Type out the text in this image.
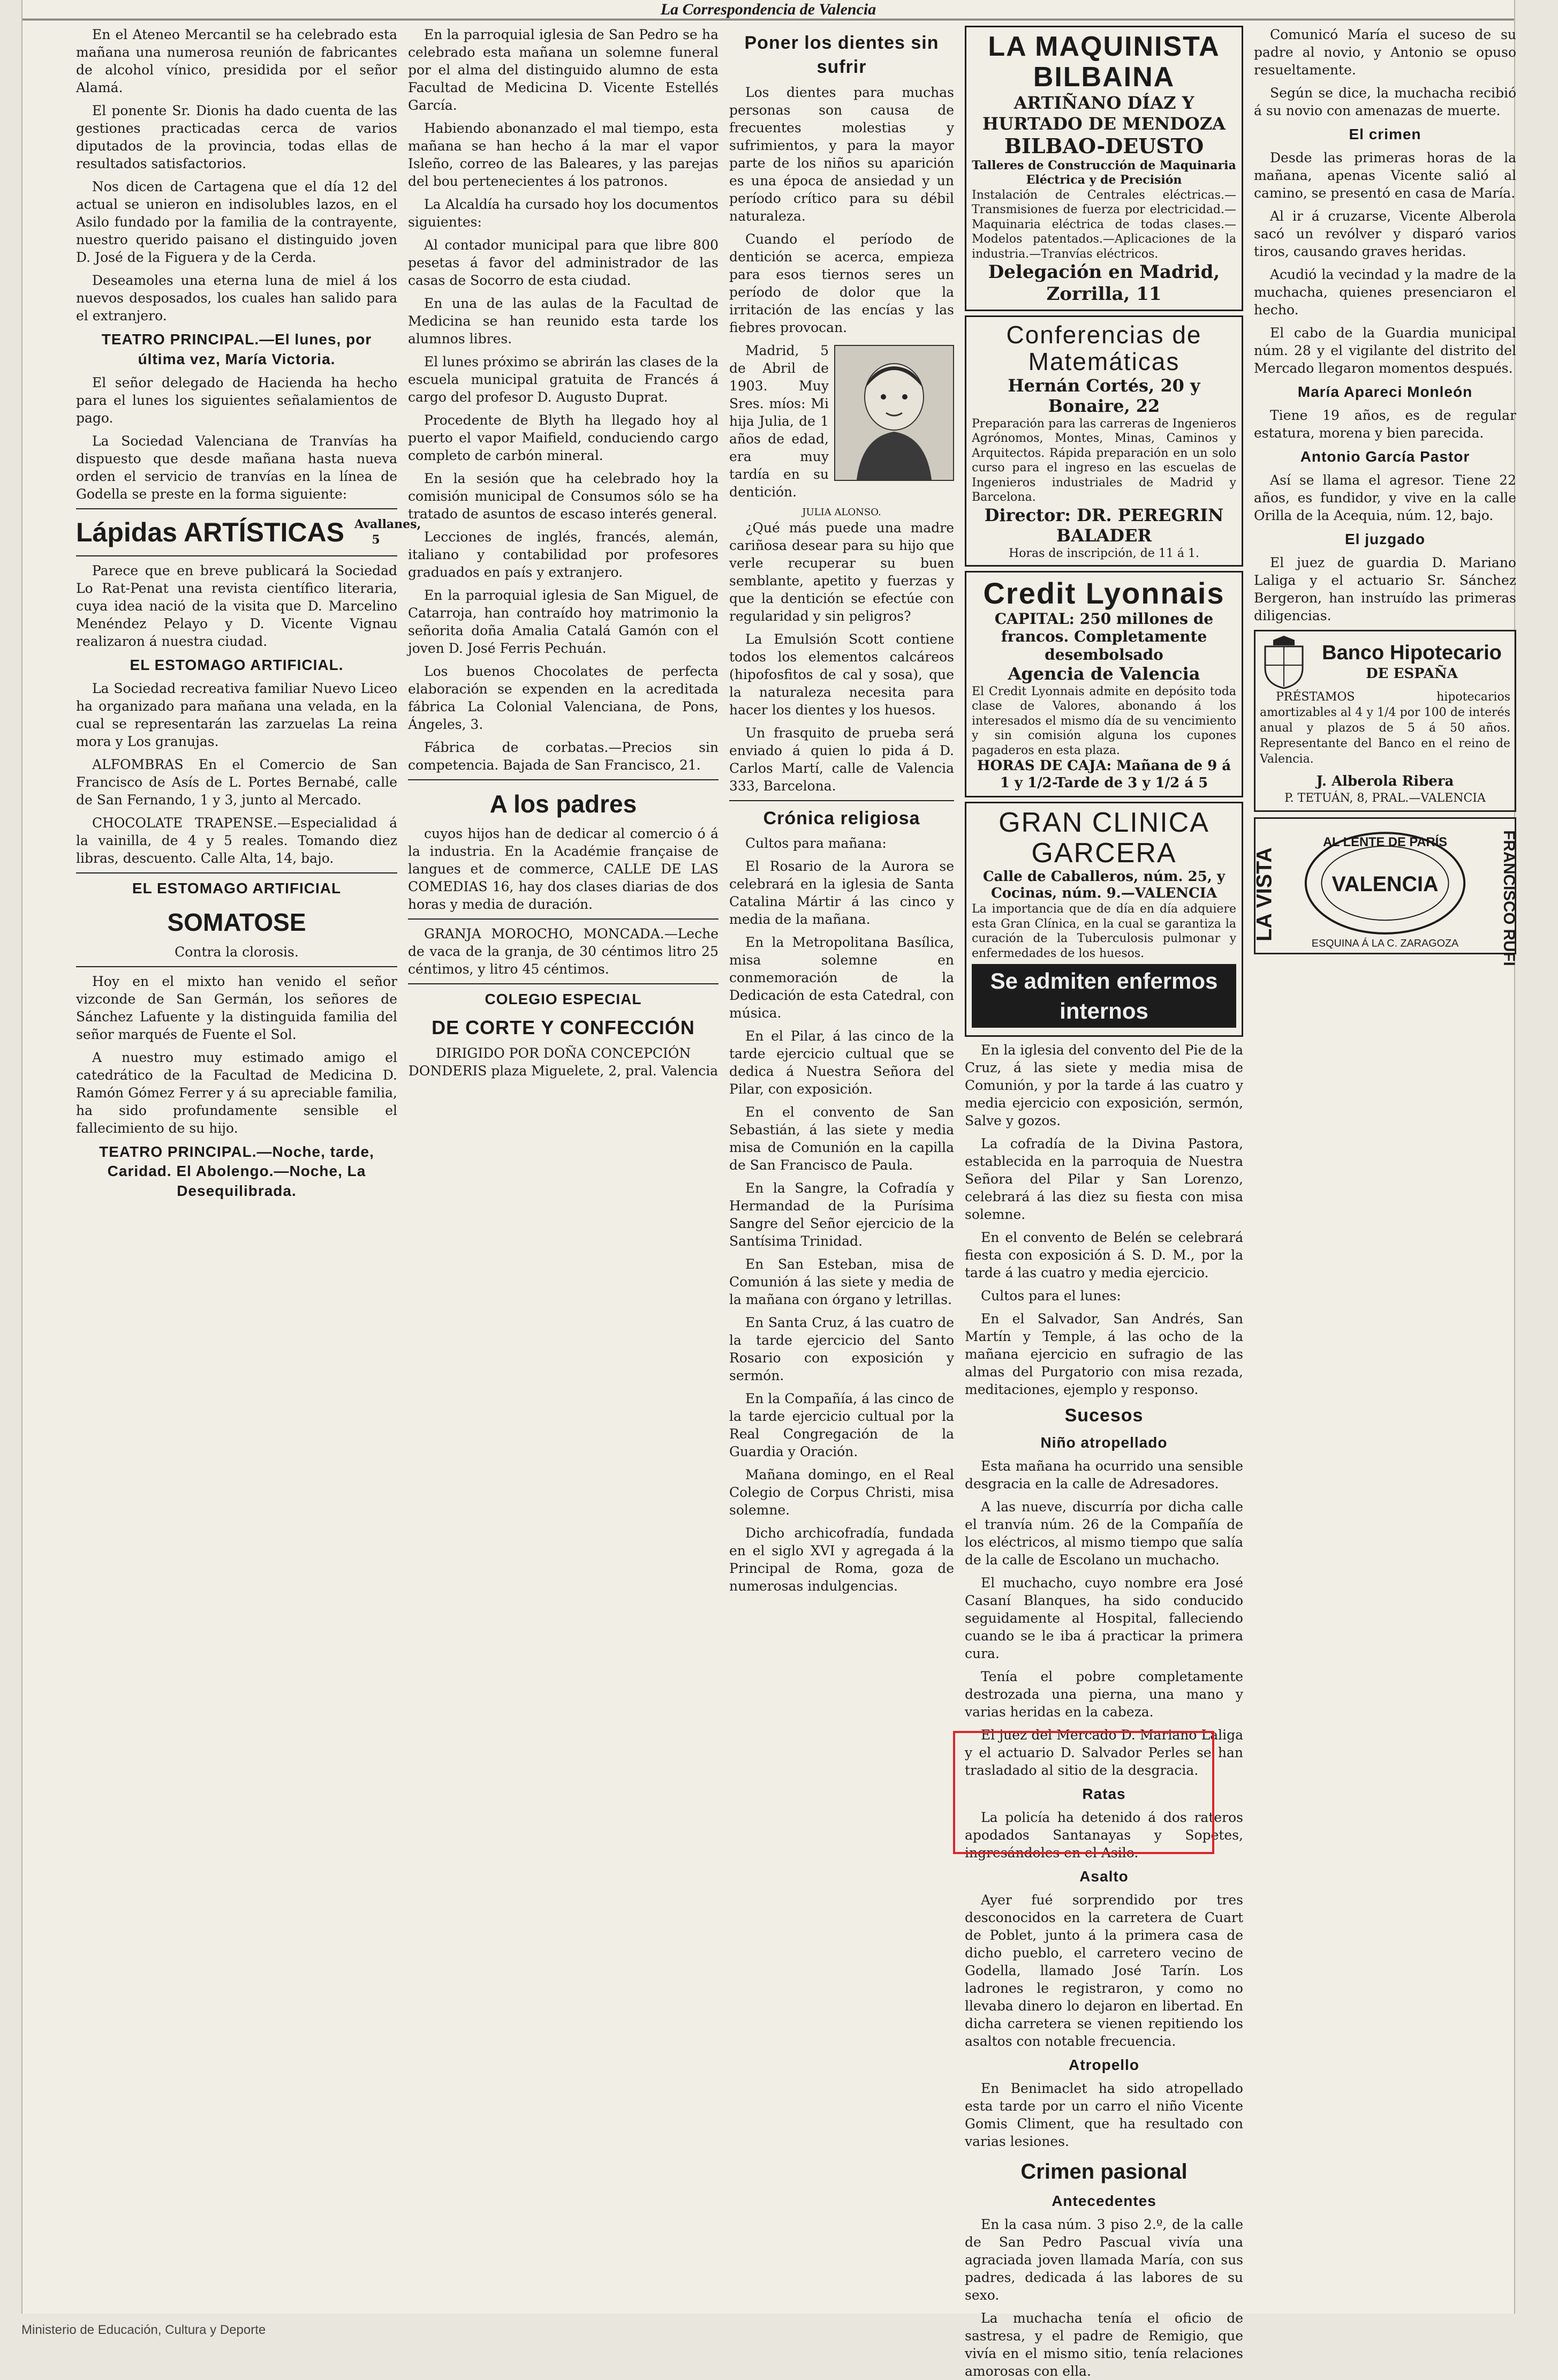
La Correspondencia de Valencia

En el Ateneo Mercantil se ha celebrado esta mañana una numerosa reunión de fabricantes de alcohol vínico, presidida por el señor Alamá.

El ponente Sr. Dionis ha dado cuenta de las gestiones practicadas cerca de varios diputados de la provincia, todas ellas de resultados satisfactorios.

Nos dicen de Cartagena que el día 12 del actual se unieron en indisolubles lazos, en el Asilo fundado por la familia de la contrayente, nuestro querido paisano el distinguido joven D. José de la Figuera y de la Cerda.

Deseamoles una eterna luna de miel á los nuevos desposados, los cuales han salido para el extranjero.

TEATRO PRINCIPAL.—El lunes, por última vez, María Victoria.

El señor delegado de Hacienda ha hecho para el lunes los siguientes señalamientos de pago.

La Sociedad Valenciana de Tranvías ha dispuesto que desde mañana hasta nueva orden el servicio de tranvías en la línea de Godella se preste en la forma siguiente:

Lápidas ARTÍSTICAS Avallanes, 5

Parece que en breve publicará la Sociedad Lo Rat-Penat una revista científico literaria, cuya idea nació de la visita que D. Marcelino Menéndez Pelayo y D. Vicente Vignau realizaron á nuestra ciudad.

EL ESTOMAGO ARTIFICIAL.

La Sociedad recreativa familiar Nuevo Liceo ha organizado para mañana una velada, en la cual se representarán las zarzuelas La reina mora y Los granujas.

ALFOMBRAS En el Comercio de San Francisco de Asís de L. Portes Bernabé, calle de San Fernando, 1 y 3, junto al Mercado.

CHOCOLATE TRAPENSE.—Especialidad á la vainilla, de 4 y 5 reales. Tomando diez libras, descuento. Calle Alta, 14, bajo.

EL ESTOMAGO ARTIFICIAL
SOMATOSE

Contra la clorosis.

Hoy en el mixto han venido el señor vizconde de San Germán, los señores de Sánchez Lafuente y la distinguida familia del señor marqués de Fuente el Sol.

A nuestro muy estimado amigo el catedrático de la Facultad de Medicina D. Ramón Gómez Ferrer y á su apreciable familia, ha sido profundamente sensible el fallecimiento de su hijo.

TEATRO PRINCIPAL.—Noche, tarde, Caridad. El Abolengo.—Noche, La Desequilibrada.

En la parroquial iglesia de San Pedro se ha celebrado esta mañana un solemne funeral por el alma del distinguido alumno de esta Facultad de Medicina D. Vicente Estellés García.

Habiendo abonanzado el mal tiempo, esta mañana se han hecho á la mar el vapor Isleño, correo de las Baleares, y las parejas del bou pertenecientes á los patronos.

La Alcaldía ha cursado hoy los documentos siguientes:

Al contador municipal para que libre 800 pesetas á favor del administrador de las casas de Socorro de esta ciudad.

En una de las aulas de la Facultad de Medicina se han reunido esta tarde los alumnos libres.

El lunes próximo se abrirán las clases de la escuela municipal gratuita de Francés á cargo del profesor D. Augusto Duprat.

Procedente de Blyth ha llegado hoy al puerto el vapor Maifield, conduciendo cargo completo de carbón mineral.

En la sesión que ha celebrado hoy la comisión municipal de Consumos sólo se ha tratado de asuntos de escaso interés general.

Lecciones de inglés, francés, alemán, italiano y contabilidad por profesores graduados en país y extranjero.

En la parroquial iglesia de San Miguel, de Catarroja, han contraído hoy matrimonio la señorita doña Amalia Catalá Gamón con el joven D. José Ferris Pechuán.

Los buenos Chocolates de perfecta elaboración se expenden en la acreditada fábrica La Colonial Valenciana, de Pons, Ángeles, 3.

Fábrica de corbatas.—Precios sin competencia. Bajada de San Francisco, 21.

A los padres

cuyos hijos han de dedicar al comercio ó á la industria. En la Académie française de langues et de commerce, CALLE DE LAS COMEDIAS 16, hay dos clases diarias de dos horas y media de duración.

GRANJA MOROCHO, MONCADA.—Leche de vaca de la granja, de 30 céntimos litro 25 céntimos, y litro 45 céntimos.

COLEGIO ESPECIAL
DE CORTE Y CONFECCIÓN

DIRIGIDO POR DOÑA CONCEPCIÓN DONDERIS plaza Miguelete, 2, pral. Valencia

Poner los dientes sin sufrir

Los dientes para muchas personas son causa de frecuentes molestias y sufrimientos, y para la mayor parte de los niños su aparición es una época de ansiedad y un período crítico para su débil naturaleza.

Cuando el período de dentición se acerca, empieza para esos tiernos seres un período de dolor que la irritación de las encías y las fiebres provocan.

Madrid, 5 de Abril de 1903. Muy Sres. míos: Mi hija Julia, de 1 años de edad, era muy tardía en su dentición.

JULIA ALONSO.

¿Qué más puede una madre cariñosa desear para su hijo que verle recuperar su buen semblante, apetito y fuerzas y que la dentición se efectúe con regularidad y sin peligros?

La Emulsión Scott contiene todos los elementos calcáreos (hipofosfitos de cal y sosa), que la naturaleza necesita para hacer los dientes y los huesos.

Un frasquito de prueba será enviado á quien lo pida á D. Carlos Martí, calle de Valencia 333, Barcelona.

Crónica religiosa

Cultos para mañana:

El Rosario de la Aurora se celebrará en la iglesia de Santa Catalina Mártir á las cinco y media de la mañana.

En la Metropolitana Basílica, misa solemne en conmemoración de la Dedicación de esta Catedral, con música.

En el Pilar, á las cinco de la tarde ejercicio cultual que se dedica á Nuestra Señora del Pilar, con exposición.

En el convento de San Sebastián, á las siete y media misa de Comunión en la capilla de San Francisco de Paula.

En la Sangre, la Cofradía y Hermandad de la Purísima Sangre del Señor ejercicio de la Santísima Trinidad.

En San Esteban, misa de Comunión á las siete y media de la mañana con órgano y letrillas.

En Santa Cruz, á las cuatro de la tarde ejercicio del Santo Rosario con exposición y sermón.

En la Compañía, á las cinco de la tarde ejercicio cultual por la Real Congregación de la Guardia y Oración.

Mañana domingo, en el Real Colegio de Corpus Christi, misa solemne.

Dicho archicofradía, fundada en el siglo XVI y agregada á la Principal de Roma, goza de numerosas indulgencias.

LA MAQUINISTA BILBAINA
ARTIÑANO DÍAZ Y HURTADO DE MENDOZA
BILBAO-DEUSTO
Talleres de Construcción de Maquinaria Eléctrica y de Precisión
Instalación de Centrales eléctricas.—Transmisiones de fuerza por electricidad.—Maquinaria eléctrica de todas clases.—Modelos patentados.—Aplicaciones de la industria.—Tranvías eléctricos.
Delegación en Madrid, Zorrilla, 11
Conferencias de Matemáticas
Hernán Cortés, 20 y Bonaire, 22
Preparación para las carreras de Ingenieros Agrónomos, Montes, Minas, Caminos y Arquitectos. Rápida preparación en un solo curso para el ingreso en las escuelas de Ingenieros industriales de Madrid y Barcelona.
Director: DR. PEREGRIN BALADER
Horas de inscripción, de 11 á 1.
Credit Lyonnais
CAPITAL: 250 millones de francos. Completamente desembolsado
Agencia de Valencia
El Credit Lyonnais admite en depósito toda clase de Valores, abonando á los interesados el mismo día de su vencimiento y sin comisión alguna los cupones pagaderos en esta plaza.
HORAS DE CAJA: Mañana de 9 á 1 y 1/2-Tarde de 3 y 1/2 á 5
GRAN CLINICA GARCERA
Calle de Caballeros, núm. 25, y Cocinas, núm. 9.—VALENCIA
La importancia que de día en día adquiere esta Gran Clínica, en la cual se garantiza la curación de la Tuberculosis pulmonar y enfermedades de los huesos.
Se admiten enfermos internos

En la iglesia del convento del Pie de la Cruz, á las siete y media misa de Comunión, y por la tarde á las cuatro y media ejercicio con exposición, sermón, Salve y gozos.

La cofradía de la Divina Pastora, establecida en la parroquia de Nuestra Señora del Pilar y San Lorenzo, celebrará á las diez su fiesta con misa solemne.

En el convento de Belén se celebrará fiesta con exposición á S. D. M., por la tarde á las cuatro y media ejercicio.

Cultos para el lunes:

En el Salvador, San Andrés, San Martín y Temple, á las ocho de la mañana ejercicio en sufragio de las almas del Purgatorio con misa rezada, meditaciones, ejemplo y responso.

Sucesos
Niño atropellado

Esta mañana ha ocurrido una sensible desgracia en la calle de Adresadores.

A las nueve, discurría por dicha calle el tranvía núm. 26 de la Compañía de los eléctricos, al mismo tiempo que salía de la calle de Escolano un muchacho.

El muchacho, cuyo nombre era José Casaní Blanques, ha sido conducido seguidamente al Hospital, falleciendo cuando se le iba á practicar la primera cura.

Tenía el pobre completamente destrozada una pierna, una mano y varias heridas en la cabeza.

El juez del Mercado D. Mariano Laliga y el actuario D. Salvador Perles se han trasladado al sitio de la desgracia.

Ratas

La policía ha detenido á dos rateros apodados Santanayas y Sopetes, ingresándoles en el Asilo.

Asalto

Ayer fué sorprendido por tres desconocidos en la carretera de Cuart de Poblet, junto á la primera casa de dicho pueblo, el carretero vecino de Godella, llamado José Tarín. Los ladrones le registraron, y como no llevaba dinero lo dejaron en libertad. En dicha carretera se vienen repitiendo los asaltos con notable frecuencia.

Atropello

En Benimaclet ha sido atropellado esta tarde por un carro el niño Vicente Gomis Climent, que ha resultado con varias lesiones.

Crimen pasional
Antecedentes

En la casa núm. 3 piso 2.º, de la calle de San Pedro Pascual vivía una agraciada joven llamada María, con sus padres, dedicada á las labores de su sexo.

La muchacha tenía el oficio de sastresa, y el padre de Remigio, que vivía en el mismo sitio, tenía relaciones amorosas con ella.

Comunicó María el suceso de su padre al novio, y Antonio se opuso resueltamente.

Según se dice, la muchacha recibió á su novio con amenazas de muerte.

El crimen

Desde las primeras horas de la mañana, apenas Vicente salió al camino, se presentó en casa de María.

Al ir á cruzarse, Vicente Alberola sacó un revólver y disparó varios tiros, causando graves heridas.

Acudió la vecindad y la madre de la muchacha, quienes presenciaron el hecho.

El cabo de la Guardia municipal núm. 28 y el vigilante del distrito del Mercado llegaron momentos después.

María Apareci Monleón

Tiene 19 años, es de regular estatura, morena y bien parecida.

Antonio García Pastor

Así se llama el agresor. Tiene 22 años, es fundidor, y vive en la calle Orilla de la Acequia, núm. 12, bajo.

El juzgado

El juez de guardia D. Mariano Laliga y el actuario Sr. Sánchez Bergeron, han instruído las primeras diligencias.

Banco Hipotecario
DE ESPAÑA

PRÉSTAMOS hipotecarios amortizables al 4 y 1/4 por 100 de interés anual y plazos de 5 á 50 años. Representante del Banco en el reino de Valencia.

J. Alberola Ribera
P. TETUÁN, 8, PRAL.—VALENCIA
LA VISTA
AL LENTE DE PARÍS
VALENCIA
ESQUINA Á LA C. ZARAGOZA	FRANCISCO RUFI
Ministerio de Educación, Cultura y Deporte
